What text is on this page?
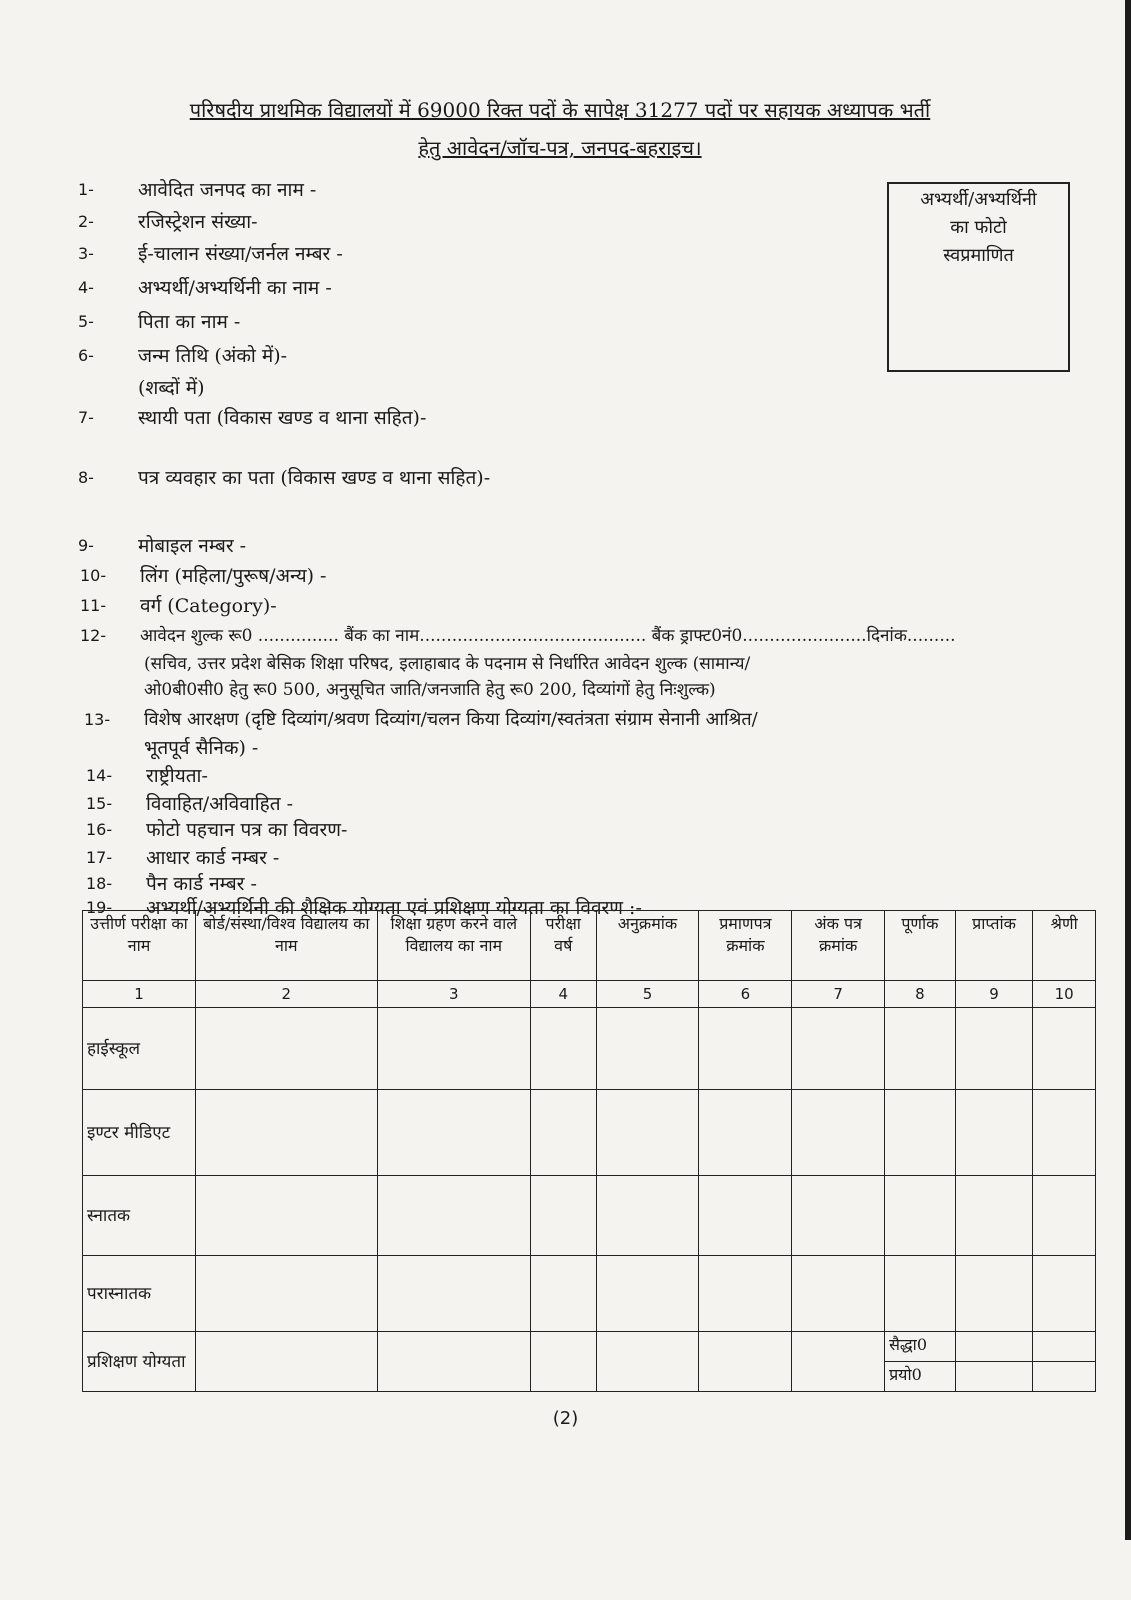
परिषदीय प्राथमिक विद्यालयों में 69000 रिक्त पदों के सापेक्ष 31277 पदों पर सहायक अध्यापक भर्ती
हेतु आवेदन/जॉच-पत्र, जनपद-बहराइच।
अभ्यर्थी/अभ्यर्थिनी
का फोटो
स्वप्रमाणित
1-	आवेदित जनपद का नाम -
2-	रजिस्ट्रेशन संख्या-
3-	ई-चालान संख्या/जर्नल नम्बर -
4-	अभ्यर्थी/अभ्यर्थिनी का नाम -
5-	पिता का नाम -
6-	जन्म तिथि (अंको में)-
(शब्दों में)
7-	स्थायी पता (विकास खण्ड व थाना सहित)-
8-	पत्र व्यवहार का पता (विकास खण्ड व थाना सहित)-
9-	मोबाइल नम्बर -
10-	लिंग (महिला/पुरूष/अन्य) -
11-	वर्ग (Category)-
12-	आवेदन शुल्क रू0 ............... बैंक का नाम.......................................... बैंक ड्राफ्ट0नं0.......................दिनांक.........
(सचिव, उत्तर प्रदेश बेसिक शिक्षा परिषद, इलाहाबाद के पदनाम से निर्धारित आवेदन शुल्क (सामान्य/
ओ0बी0सी0 हेतु रू0 500, अनुसूचित जाति/जनजाति हेतु रू0 200, दिव्यांगों हेतु निःशुल्क)
13-	विशेष आरक्षण (दृष्टि दिव्यांग/श्रवण दिव्यांग/चलन किया दिव्यांग/स्वतंत्रता संग्राम सेनानी आश्रित/
भूतपूर्व सैनिक) -
14-	राष्ट्रीयता-
15-	विवाहित/अविवाहित -
16-	फोटो पहचान पत्र का विवरण-
17-	आधार कार्ड नम्बर -
18-	पैन कार्ड नम्बर -
19-	अभ्यर्थी/अभ्यर्थिनी की शैक्षिक योग्यता एवं प्रशिक्षण योग्यता का विवरण :-
उत्तीर्ण परीक्षा का नाम	बोर्ड/संस्था/विश्व विद्यालय का नाम	शिक्षा ग्रहण करने वाले विद्यालय का नाम	परीक्षा वर्ष	अनुक्रमांक	प्रमाणपत्र क्रमांक	अंक पत्र क्रमांक	पूर्णाक	प्राप्तांक	श्रेणी
1	2	3	4	5	6	7	8	9	10
हाईस्कूल									
इण्टर मीडिएट									
स्नातक									
परास्नातक									
प्रशिक्षण योग्यता							सैद्धा0		
							प्रयो0		
(2)
